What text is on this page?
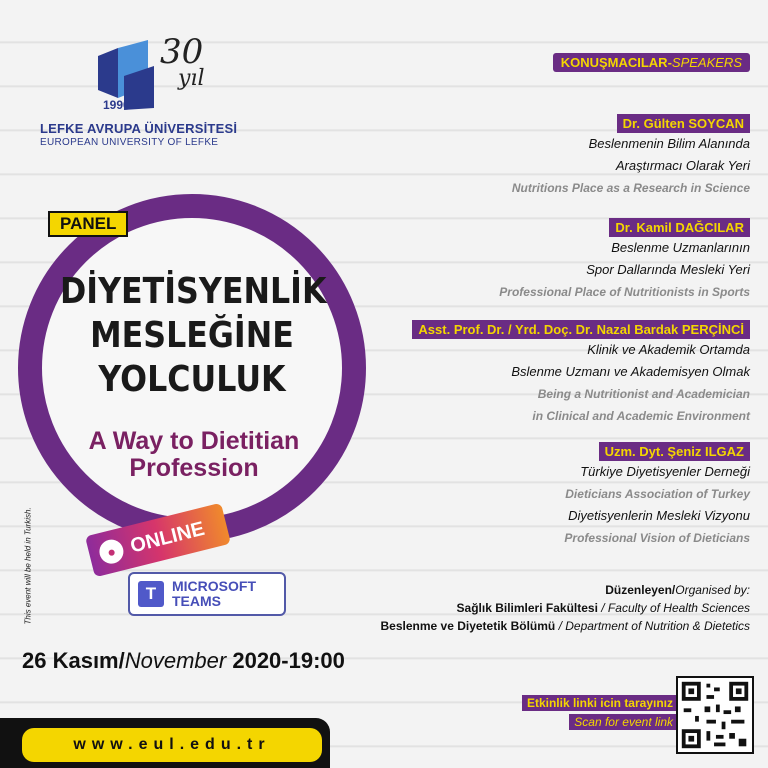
1990
30
yıl
LEFKE AVRUPA ÜNİVERSİTESİ
EUROPEAN UNIVERSITY OF LEFKE
PANEL
DİYETİSYENLİK
MESLEĞİNE
YOLCULUK
A Way to Dietitian
Profession
● ONLINE
T	MICROSOFT
TEAMS
This event will be held in Turkish.
26 Kasım/November 2020-19:00
www.eul.edu.tr
KONUŞMACILAR-SPEAKERS
Dr. Gülten SOYCAN
Beslenmenin Bilim Alanında
Araştırmacı Olarak Yeri
Nutritions Place as a Research in Science
Dr. Kamil DAĞCILAR
Beslenme Uzmanlarının
Spor Dallarında Mesleki Yeri
Professional Place of Nutritionists in Sports
Asst. Prof. Dr. / Yrd. Doç. Dr. Nazal Bardak PERÇİNCİ
Klinik ve Akademik Ortamda
Bslenme Uzmanı ve Akademisyen Olmak
Being a Nutritionist and Academician
in Clinical and Academic Environment
Uzm. Dyt. Şeniz ILGAZ
Türkiye Diyetisyenler Derneği
Dieticians Association of Turkey
Diyetisyenlerin Mesleki Vizyonu
Professional Vision of Dieticians
Düzenleyen/Organised by:
Sağlık Bilimleri Fakültesi / Faculty of Health Sciences
Beslenme ve Diyetetik Bölümü / Department of Nutrition & Dietetics
Etkinlik linki icin tarayınız
Scan for event link
